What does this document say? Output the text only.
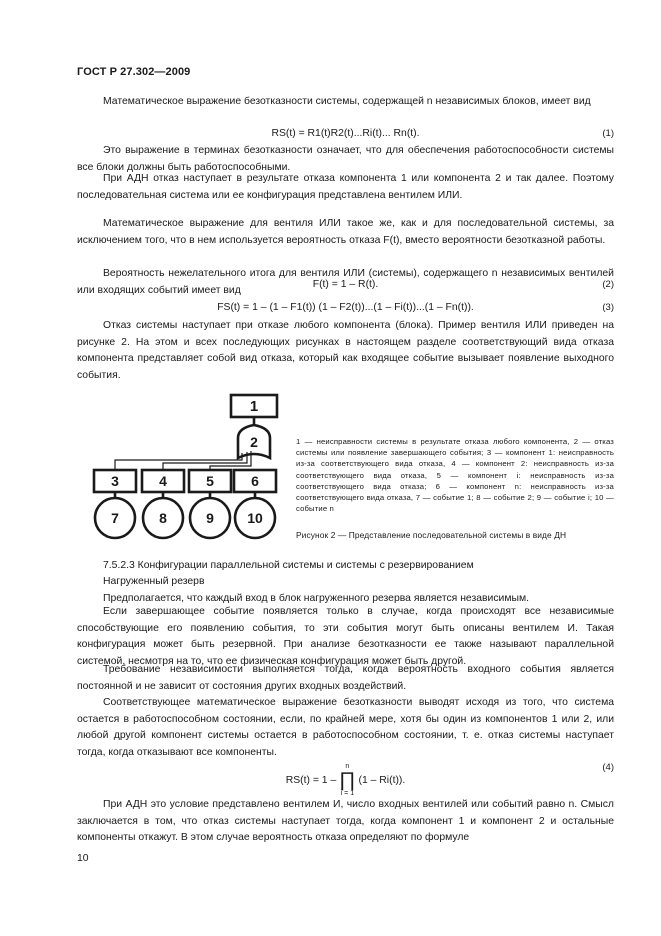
ГОСТ Р 27.302—2009
Математическое выражение безотказности системы, содержащей n независимых блоков, имеет вид
RS(t) = R1(t)R2(t)...Ri(t)... Rn(t).	(1)
Это выражение в терминах безотказности означает, что для обеспечения работоспособности системы все блоки должны быть работоспособными.
При АДН отказ наступает в результате отказа компонента 1 или компонента 2 и так далее. Поэтому последовательная система или ее конфигурация представлена вентилем ИЛИ.
Математическое выражение для вентиля ИЛИ такое же, как и для последовательной системы, за исключением того, что в нем используется вероятность отказа F(t), вместо вероятности безотказной работы.
F(t) = 1 – R(t).	(2)
Вероятность нежелательного итога для вентиля ИЛИ (системы), содержащего n независимых вентилей или входящих событий имеет вид
FS(t) = 1 – (1 – F1(t)) (1 – F2(t))...(1 – Fi(t))...(1 – Fn(t)).	(3)
Отказ системы наступает при отказе любого компонента (блока). Пример вентиля ИЛИ приведен на рисунке 2. На этом и всех последующих рисунках в настоящем разделе соответствующий вида отказа компонента представляет собой вид отказа, который как входящее событие вызывает появление выходного события.
1
2
3	4	5	6
7	8	9 10
1 — неисправности системы в результате отказа любого компонента, 2 — отказ системы или появление завершающего события; 3 — компонент 1: неисправность из-за соответствующего вида отказа, 4 — компонент 2: неисправность из-за соответствующего вида отказа, 5 — компонент i: неисправность из-за соответствующего вида отказа; 6 — компонент n: неисправность из-за соответствующего вида отказа, 7 — событие 1; 8 — событие 2; 9 — событие i; 10 — событие n
Рисунок 2 — Представление последовательной системы в виде ДН
7.5.2.3 Конфигурации параллельной системы и системы с резервированием
Нагруженный резерв
Предполагается, что каждый вход в блок нагруженного резерва является независимым.
Если завершающее событие появляется только в случае, когда происходят все независимые способствующие его появлению события, то эти события могут быть описаны вентилем И. Такая конфигурация может быть резервной. При анализе безотказности ее также называют параллельной системой, несмотря на то, что ее физическая конфигурация может быть другой.
Требование независимости выполняется тогда, когда вероятность входного события является постоянной и не зависит от состояния других входных воздействий.
Соответствующее математическое выражение безотказности выводят исходя из того, что система остается в работоспособном состоянии, если, по крайней мере, хотя бы один из компонентов 1 или 2, или любой другой компонент системы остается в работоспособном состоянии, т. е. отказ системы наступает тогда, когда отказывают все компоненты.
RS(t) = 1 –
n
∏
i = 1
(1 – Ri(t)).
(4)
При АДН это условие представлено вентилем И, число входных вентилей или событий равно n. Смысл заключается в том, что отказ системы наступает тогда, когда компонент 1 и компонент 2 и остальные компоненты откажут. В этом случае вероятность отказа определяют по формуле
10
